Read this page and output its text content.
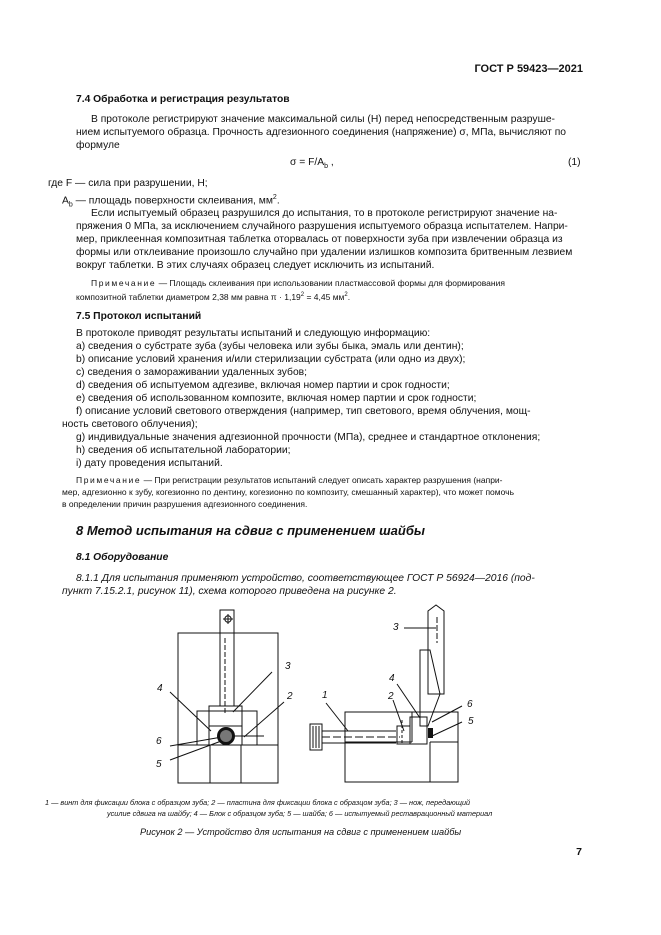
ГОСТ Р 59423—2021
7.4 Обработка и регистрация результатов
В протоколе регистрируют значение максимальной силы (Н) перед непосредственным разруше-
нием испытуемого образца. Прочность адгезионного соединения (напряжение) σ, МПа, вычисляют по
формуле
$\sigma = F/A_b$ ,	(1)
где F — сила при разрушении, Н;
$A_b$ — площадь поверхности склеивания, $мм^2$.
Если испытуемый образец разрушился до испытания, то в протоколе регистрируют значение на-
пряжения 0 МПа, за исключением случайного разрушения испытуемого образца испытателем. Напри-
мер, приклеенная композитная таблетка оторвалась от поверхности зуба при извлечении образца из
формы или отклеивание произошло случайно при удалении излишков композита бритвенным лезвием
вокруг таблетки. В этих случаях образец следует исключить из испытаний.
Примечание — Площадь склеивания при использовании пластмассовой формы для формирования
композитной таблетки диаметром 2,38 мм равна $\pi \cdot 1,19^2 = 4,45$ $мм^2$.
7.5 Протокол испытаний
В протоколе приводят результаты испытаний и следующую информацию:
a) сведения о субстрате зуба (зубы человека или зубы быка, эмаль или дентин);
b) описание условий хранения и/или стерилизации субстрата (или одно из двух);
c) сведения о замораживании удаленных зубов;
d) сведения об испытуемом адгезиве, включая номер партии и срок годности;
e) сведения об использованном композите, включая номер партии и срок годности;
f) описание условий светового отверждения (например, тип светового, время облучения, мощ-
ность светового облучения);
g) индивидуальные значения адгезионной прочности (МПа), среднее и стандартное отклонения;
h) сведения об испытательной лаборатории;
i) дату проведения испытаний.
Примечание — При регистрации результатов испытаний следует описать характер разрушения (напри-
мер, адгезионно к зубу, когезионно по дентину, когезионно по композиту, смешанный характер), что может помочь
в определении причин разрушения адгезионного соединения.
8 Метод испытания на сдвиг с применением шайбы
8.1 Оборудование
8.1.1 Для испытания применяют устройство, соответствующее ГОСТ Р 56924—2016 (под-
пункт 7.15.2.1, рисунок 11), схема которого приведена на рисунке 2.
4
6
5
3
2
3
1	2
4
6
5
1 — винт для фиксации блока с образцом зуба; 2 — пластина для фиксации блока с образцом зуба; 3 — нож, передающий
усилие сдвига на шайбу; 4 — Блок с образцом зуба; 5 — шайба; 6 — испытуемый реставрационный материал
Рисунок 2 — Устройство для испытания на сдвиг с применением шайбы
7
